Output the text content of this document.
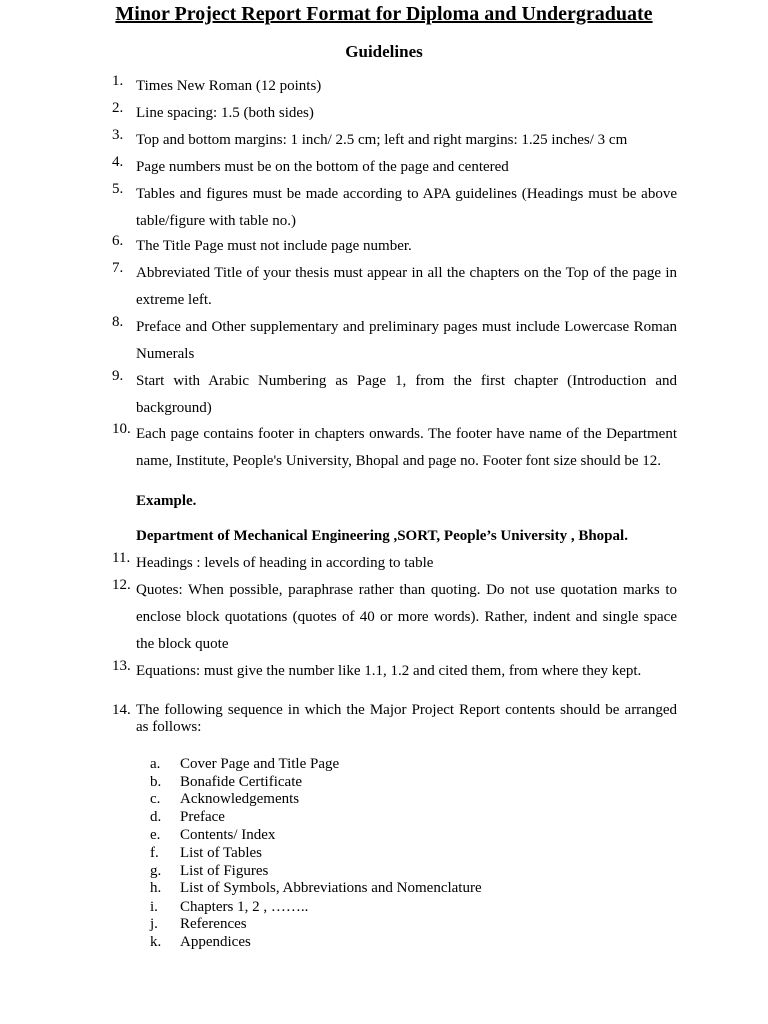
Minor Project Report Format for Diploma and Undergraduate
Guidelines
1. Times New Roman (12 points)
2. Line spacing: 1.5 (both sides)
3. Top and bottom margins: 1 inch/ 2.5 cm; left and right margins: 1.25 inches/ 3 cm
4. Page numbers must be on the bottom of the page and centered
5. Tables and figures must be made according to APA guidelines (Headings must be above table/figure with table no.)
6. The Title Page must not include page number.
7. Abbreviated Title of your thesis must appear in all the chapters on the Top of the page in extreme left.
8. Preface and Other supplementary and preliminary pages must include Lowercase Roman Numerals
9. Start with Arabic Numbering as Page 1, from the first chapter (Introduction and background)
10. Each page contains footer in chapters onwards. The footer have name of the Department name, Institute, People's University, Bhopal and page no. Footer font size should be 12.
Example.
Department of Mechanical Engineering ,SORT, People’s University , Bhopal.
11. Headings : levels of heading in according to table
12. Quotes: When possible, paraphrase rather than quoting. Do not use quotation marks to enclose block quotations (quotes of 40 or more words). Rather, indent and single space the block quote
13. Equations: must give the number like 1.1, 1.2 and cited them, from where they kept.
14. The following sequence in which the Major Project Report contents should be arranged as follows:
a. Cover Page and Title Page
b. Bonafide Certificate
c. Acknowledgements
d. Preface
e. Contents/ Index
f. List of Tables
g. List of Figures
h. List of Symbols, Abbreviations and Nomenclature
i. Chapters 1, 2 , ……..
j. References
k. Appendices
